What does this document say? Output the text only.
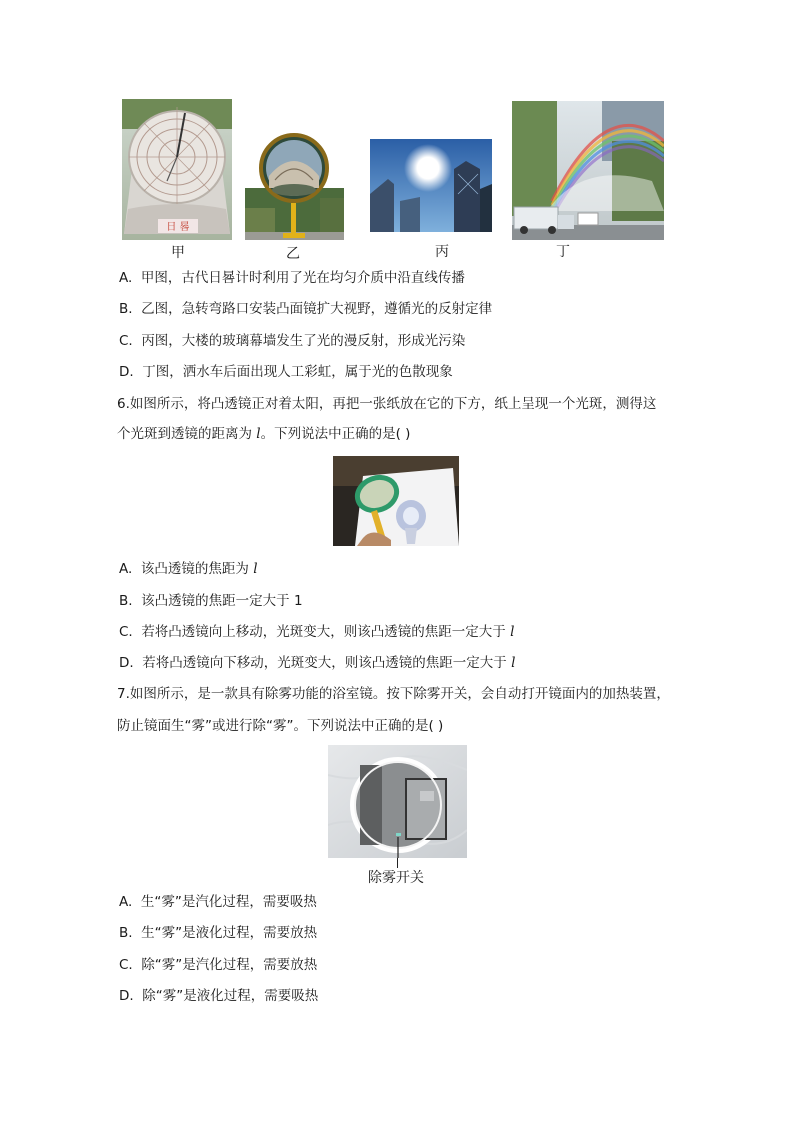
日 晷
甲	乙	丙	丁
A. 甲图，古代日晷计时利用了光在均匀介质中沿直线传播
B. 乙图，急转弯路口安装凸面镜扩大视野，遵循光的反射定律
C. 丙图，大楼的玻璃幕墙发生了光的漫反射，形成光污染
D. 丁图，洒水车后面出现人工彩虹，属于光的色散现象
6.如图所示，将凸透镜正对着太阳，再把一张纸放在它的下方，纸上呈现一个光斑，测得这
个光斑到透镜的距离为 l。下列说法中正确的是( )
A. 该凸透镜的焦距为 l
B. 该凸透镜的焦距一定大于 1
C. 若将凸透镜向上移动，光斑变大，则该凸透镜的焦距一定大于 l
D. 若将凸透镜向下移动，光斑变大，则该凸透镜的焦距一定大于 l
7.如图所示，是一款具有除雾功能的浴室镜。按下除雾开关，会自动打开镜面内的加热装置，
防止镜面生“雾”或进行除“雾”。下列说法中正确的是( )
除雾开关
A. 生“雾”是汽化过程，需要吸热
B. 生“雾”是液化过程，需要放热
C. 除“雾”是汽化过程，需要放热
D. 除“雾”是液化过程，需要吸热
